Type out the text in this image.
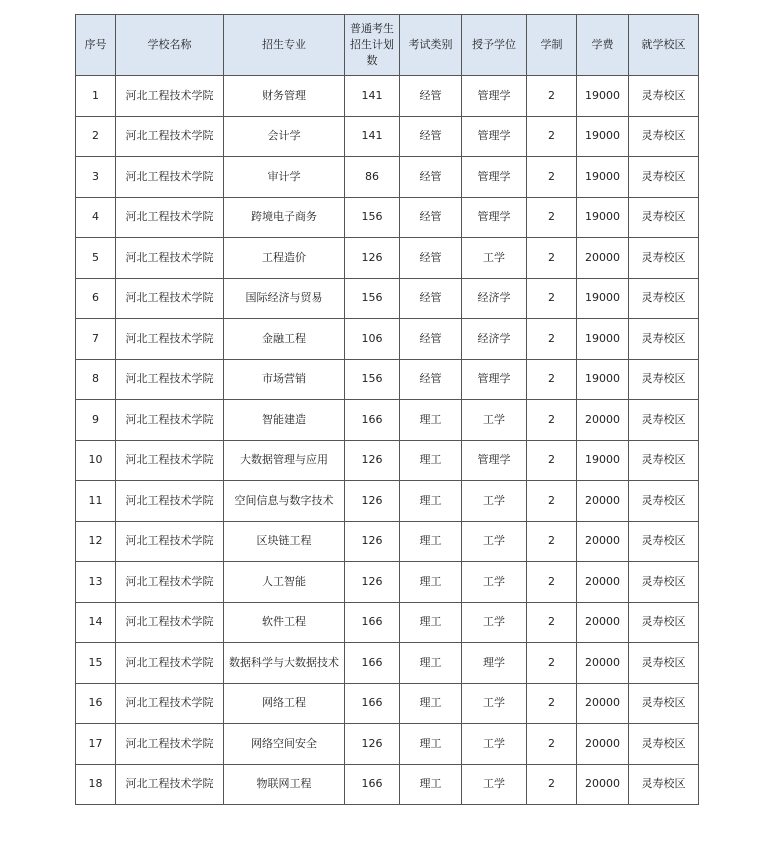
序号	学校名称	招生专业	普通考生招生计划数	考试类别	授予学位	学制	学费	就学校区
1	河北工程技术学院	财务管理	141	经管	管理学	2	19000	灵寿校区
2	河北工程技术学院	会计学	141	经管	管理学	2	19000	灵寿校区
3	河北工程技术学院	审计学	86	经管	管理学	2	19000	灵寿校区
4	河北工程技术学院	跨境电子商务	156	经管	管理学	2	19000	灵寿校区
5	河北工程技术学院	工程造价	126	经管	工学	2	20000	灵寿校区
6	河北工程技术学院	国际经济与贸易	156	经管	经济学	2	19000	灵寿校区
7	河北工程技术学院	金融工程	106	经管	经济学	2	19000	灵寿校区
8	河北工程技术学院	市场营销	156	经管	管理学	2	19000	灵寿校区
9	河北工程技术学院	智能建造	166	理工	工学	2	20000	灵寿校区
10	河北工程技术学院	大数据管理与应用	126	理工	管理学	2	19000	灵寿校区
11	河北工程技术学院	空间信息与数字技术	126	理工	工学	2	20000	灵寿校区
12	河北工程技术学院	区块链工程	126	理工	工学	2	20000	灵寿校区
13	河北工程技术学院	人工智能	126	理工	工学	2	20000	灵寿校区
14	河北工程技术学院	软件工程	166	理工	工学	2	20000	灵寿校区
15	河北工程技术学院	数据科学与大数据技术	166	理工	理学	2	20000	灵寿校区
16	河北工程技术学院	网络工程	166	理工	工学	2	20000	灵寿校区
17	河北工程技术学院	网络空间安全	126	理工	工学	2	20000	灵寿校区
18	河北工程技术学院	物联网工程	166	理工	工学	2	20000	灵寿校区
